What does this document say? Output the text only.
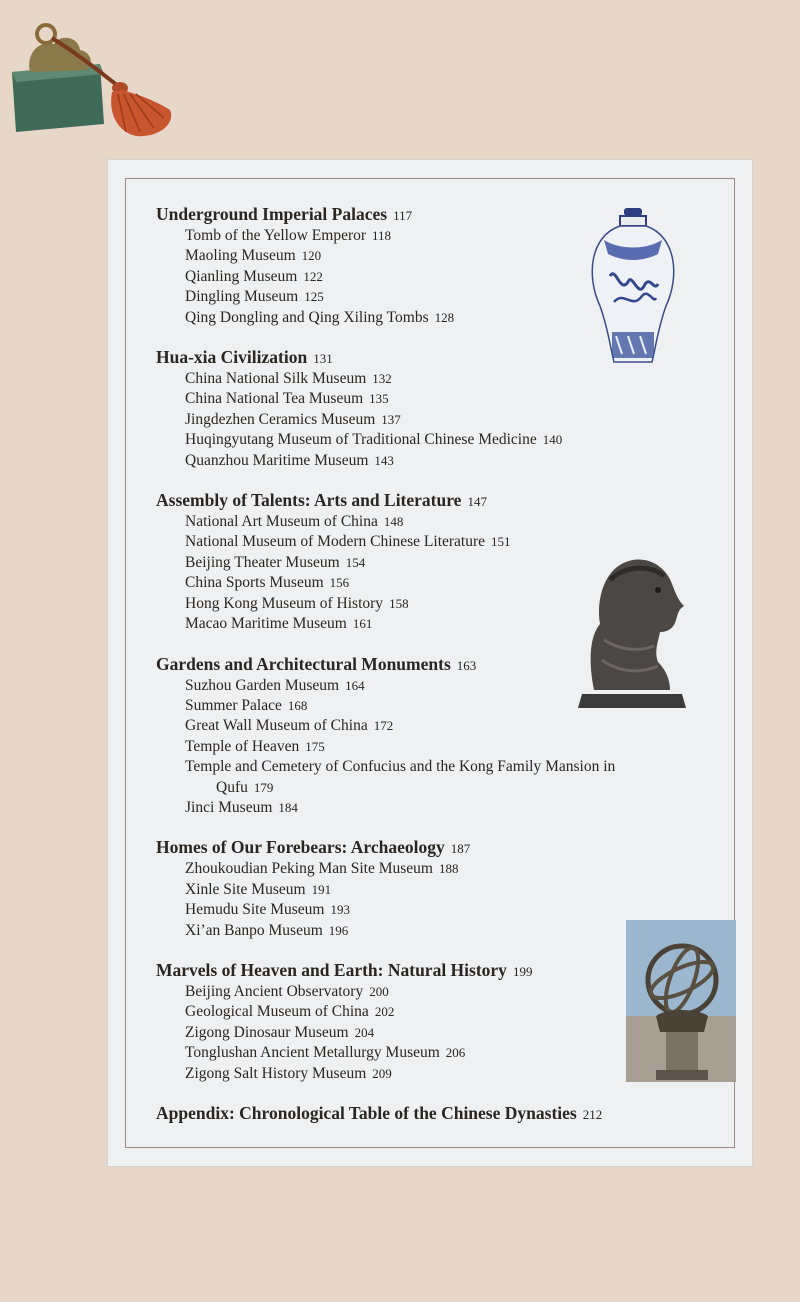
Underground Imperial Palaces 117
Tomb of the Yellow Emperor 118
Maoling Museum 120
Qianling Museum 122
Dingling Museum 125
Qing Dongling and Qing Xiling Tombs 128
Hua-xia Civilization 131
China National Silk Museum 132
China National Tea Museum 135
Jingdezhen Ceramics Museum 137
Huqingyutang Museum of Traditional Chinese Medicine 140
Quanzhou Maritime Museum 143
Assembly of Talents: Arts and Literature 147
National Art Museum of China 148
National Museum of Modern Chinese Literature 151
Beijing Theater Museum 154
China Sports Museum 156
Hong Kong Museum of History 158
Macao Maritime Museum 161
Gardens and Architectural Monuments 163
Suzhou Garden Museum 164
Summer Palace 168
Great Wall Museum of China 172
Temple of Heaven 175
Temple and Cemetery of Confucius and the Kong Family Mansion in
Qufu 179
Jinci Museum 184
Homes of Our Forebears: Archaeology 187
Zhoukoudian Peking Man Site Museum 188
Xinle Site Museum 191
Hemudu Site Museum 193
Xi’an Banpo Museum 196
Marvels of Heaven and Earth: Natural History 199
Beijing Ancient Observatory 200
Geological Museum of China 202
Zigong Dinosaur Museum 204
Tonglushan Ancient Metallurgy Museum 206
Zigong Salt History Museum 209
Appendix: Chronological Table of the Chinese Dynasties 212
